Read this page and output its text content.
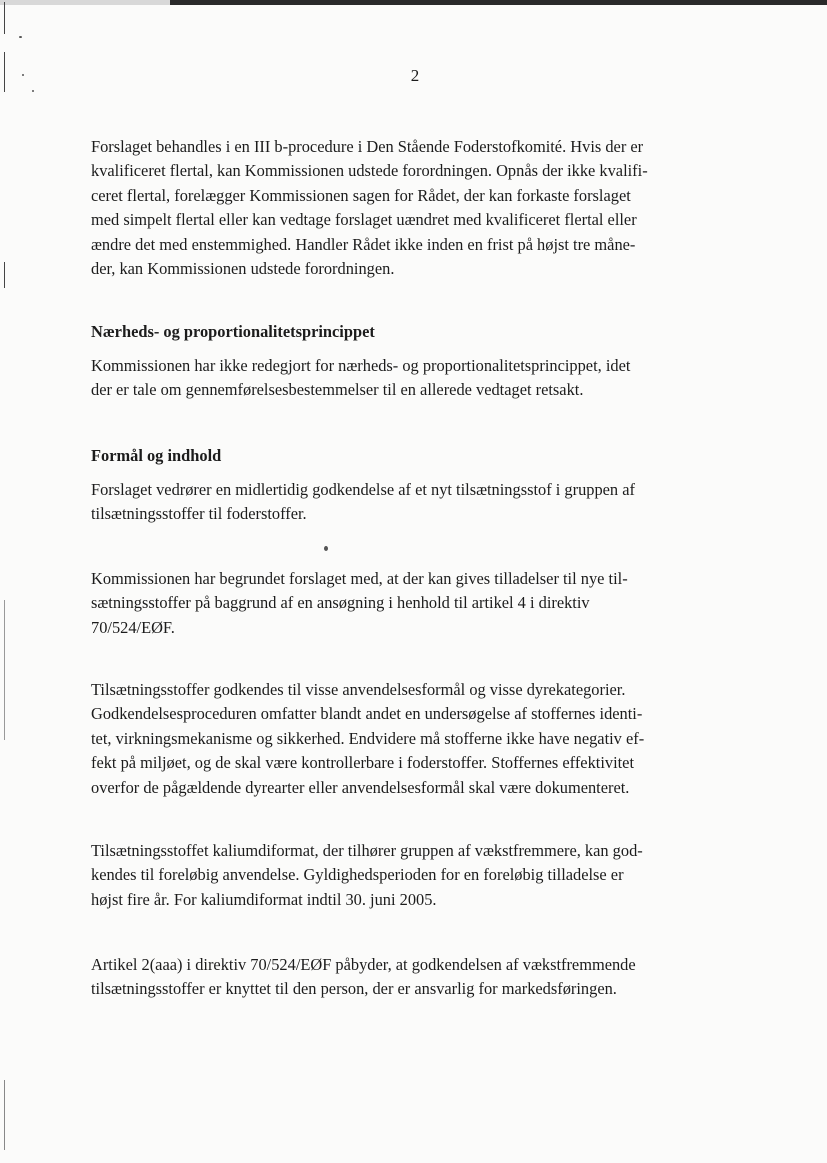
2
Forslaget behandles i en III b-procedure i Den Stående Foderstofkomité. Hvis der er
kvalificeret flertal, kan Kommissionen udstede forordningen. Opnås der ikke kvalifi-
ceret flertal, forelægger Kommissionen sagen for Rådet, der kan forkaste forslaget
med simpelt flertal eller kan vedtage forslaget uændret med kvalificeret flertal eller
ændre det med enstemmighed. Handler Rådet ikke inden en frist på højst tre måne-
der, kan Kommissionen udstede forordningen.
Nærheds- og proportionalitetsprincippet
Kommissionen har ikke redegjort for nærheds- og proportionalitetsprincippet, idet
der er tale om gennemførelsesbestemmelser til en allerede vedtaget retsakt.
Formål og indhold
Forslaget vedrører en midlertidig godkendelse af et nyt tilsætningsstof i gruppen af
tilsætningsstoffer til foderstoffer.
Kommissionen har begrundet forslaget med, at der kan gives tilladelser til nye til-
sætningsstoffer på baggrund af en ansøgning i henhold til artikel 4 i direktiv
70/524/EØF.
Tilsætningsstoffer godkendes til visse anvendelsesformål og visse dyrekategorier.
Godkendelsesproceduren omfatter blandt andet en undersøgelse af stoffernes identi-
tet, virkningsmekanisme og sikkerhed. Endvidere må stofferne ikke have negativ ef-
fekt på miljøet, og de skal være kontrollerbare i foderstoffer. Stoffernes effektivitet
overfor de pågældende dyrearter eller anvendelsesformål skal være dokumenteret.
Tilsætningsstoffet kaliumdiformat, der tilhører gruppen af vækstfremmere, kan god-
kendes til foreløbig anvendelse. Gyldighedsperioden for en foreløbig tilladelse er
højst fire år. For kaliumdiformat indtil 30. juni 2005.
Artikel 2(aaa) i direktiv 70/524/EØF påbyder, at godkendelsen af vækstfremmende
tilsætningsstoffer er knyttet til den person, der er ansvarlig for markedsføringen.
